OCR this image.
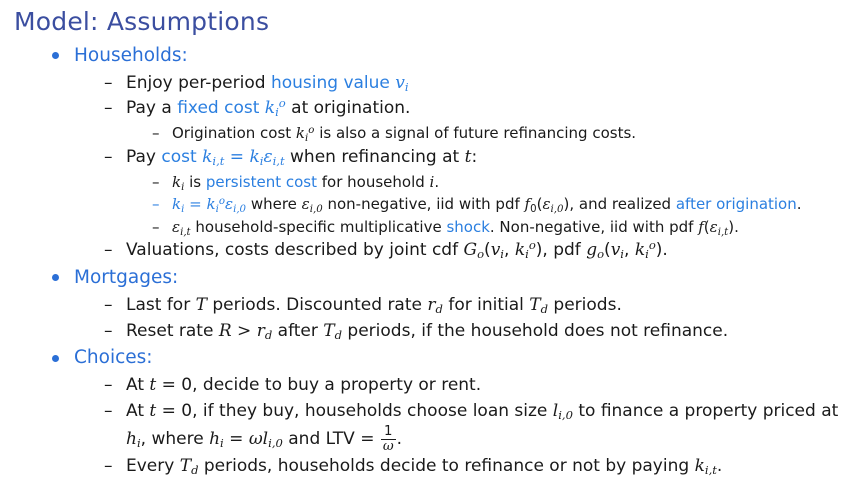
Model: Assumptions
Households:
– Enjoy per-period housing value $v_i$
– Pay a fixed cost $k_i^o$ at origination.
– Origination cost $k_i^o$ is also a signal of future refinancing costs.
– Pay cost $k_{i,t} = k_i\varepsilon_{i,t}$ when refinancing at t:
– $k_i$ is persistent cost for household i.
– $k_i = k_i^o\varepsilon_{i,0}$ where $\varepsilon_{i,0}$ non-negative, iid with pdf $f_0(\varepsilon_{i,0})$, and realized after origination.
– $\varepsilon_{i,t}$ household-specific multiplicative shock. Non-negative, iid with pdf $f(\varepsilon_{i,t})$.
– Valuations, costs described by joint cdf $G_o(v_i$, $k_i^o$), pdf $g_o(v_i$, $k_i^o$).
Mortgages:
– Last for T periods. Discounted rate $r_d$ for initial $T_d$ periods.
– Reset rate $R > r_d$ after $T_d$ periods, if the household does not refinance.
Choices:
– At t = 0, decide to buy a property or rent.
– At t = 0, if they buy, households choose loan size $l_{i,0}$ to finance a property priced at $h_i$, where $h_i = \omega l_{i,0}$ and LTV = $\frac{1}{\omega}$ .
– Every $T_d$ periods, households decide to refinance or not by paying $k_{i,t}$.
